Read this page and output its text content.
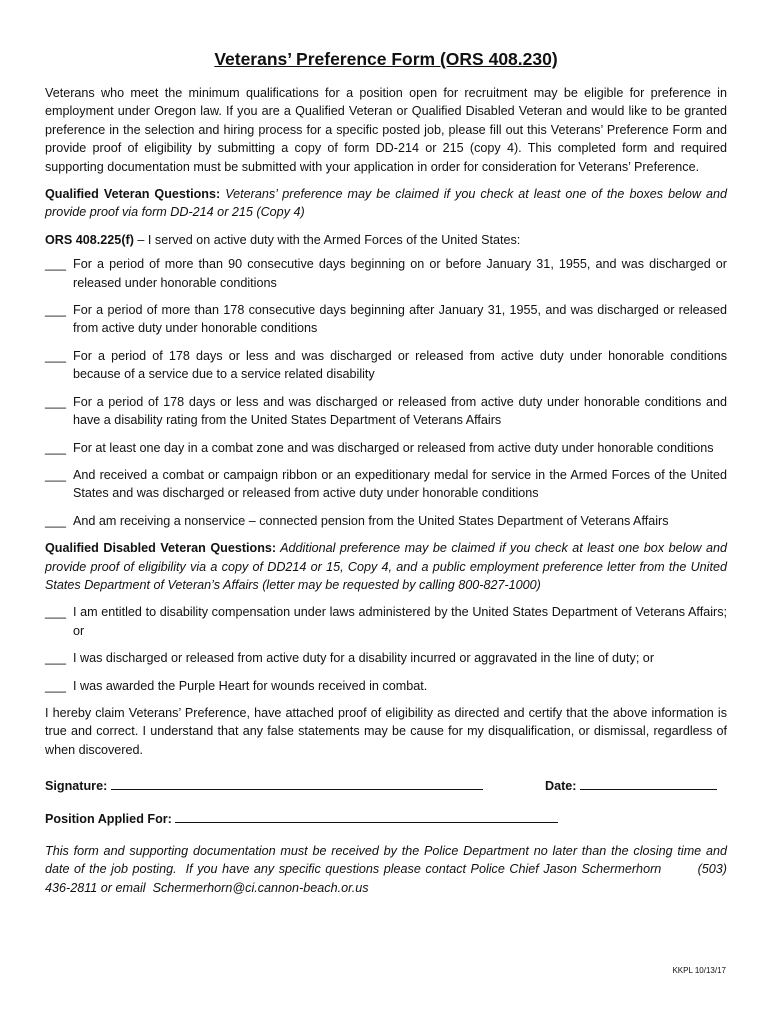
Veterans’ Preference Form (ORS 408.230)

Veterans who meet the minimum qualifications for a position open for recruitment may be eligible for preference in employment under Oregon law. If you are a Qualified Veteran or Qualified Disabled Veteran and would like to be granted preference in the selection and hiring process for a specific posted job, please fill out this Veterans’ Preference Form and provide proof of eligibility by submitting a copy of form DD-214 or 215 (copy 4). This completed form and required supporting documentation must be submitted with your application in order for consideration for Veterans’ Preference.

Qualified Veteran Questions: Veterans’ preference may be claimed if you check at least one of the boxes below and provide proof via form DD-214 or 215 (Copy 4)

ORS 408.225(f) – I served on active duty with the Armed Forces of the United States:

___ For a period of more than 90 consecutive days beginning on or before January 31, 1955, and was discharged or released under honorable conditions
___ For a period of more than 178 consecutive days beginning after January 31, 1955, and was discharged or released from active duty under honorable conditions
___ For a period of 178 days or less and was discharged or released from active duty under honorable conditions because of a service due to a service related disability
___ For a period of 178 days or less and was discharged or released from active duty under honorable conditions and have a disability rating from the United States Department of Veterans Affairs
___ For at least one day in a combat zone and was discharged or released from active duty under honorable conditions
___ And received a combat or campaign ribbon or an expeditionary medal for service in the Armed Forces of the United States and was discharged or released from active duty under honorable conditions
___ And am receiving a nonservice – connected pension from the United States Department of Veterans Affairs

Qualified Disabled Veteran Questions: Additional preference may be claimed if you check at least one box below and provide proof of eligibility via a copy of DD214 or 15, Copy 4, and a public employment preference letter from the United States Department of Veteran’s Affairs (letter may be requested by calling 800-827-1000)

___ I am entitled to disability compensation under laws administered by the United States Department of Veterans Affairs; or
___ I was discharged or released from active duty for a disability incurred or aggravated in the line of duty; or
___ I was awarded the Purple Heart for wounds received in combat.

I hereby claim Veterans’ Preference, have attached proof of eligibility as directed and certify that the above information is true and correct. I understand that any false statements may be cause for my disqualification, or dismissal, regardless of when discovered.

Signature:	Date:
Position Applied For:

This form and supporting documentation must be received by the Police Department no later than the closing time and date of the job posting.  If you have any specific questions please contact Police Chief Jason Schermerhorn        (503) 436-2811 or email  Schermerhorn@ci.cannon-beach.or.us

KKPL 10/13/17
